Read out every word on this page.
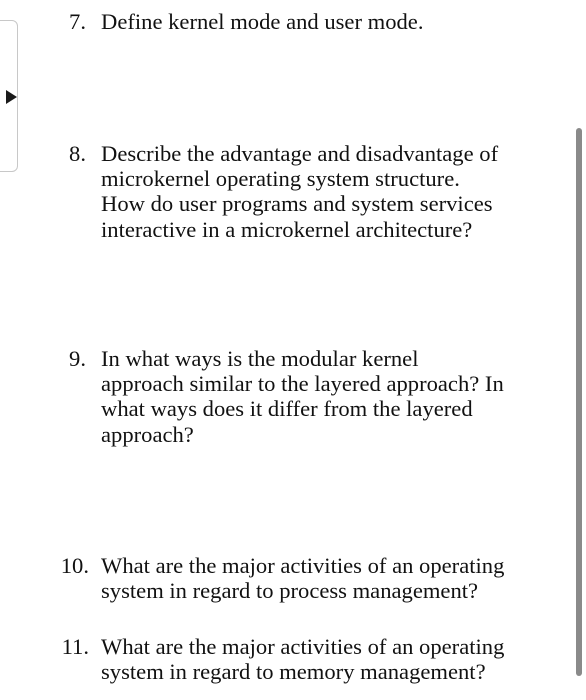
7. Define kernel mode and user mode.
8. Describe the advantage and disadvantage of
microkernel operating system structure.
How do user programs and system services
interactive in a microkernel architecture?
9. In what ways is the modular kernel
approach similar to the layered approach? In
what ways does it differ from the layered
approach?
10. What are the major activities of an operating
system in regard to process management?
11. What are the major activities of an operating
system in regard to memory management?
